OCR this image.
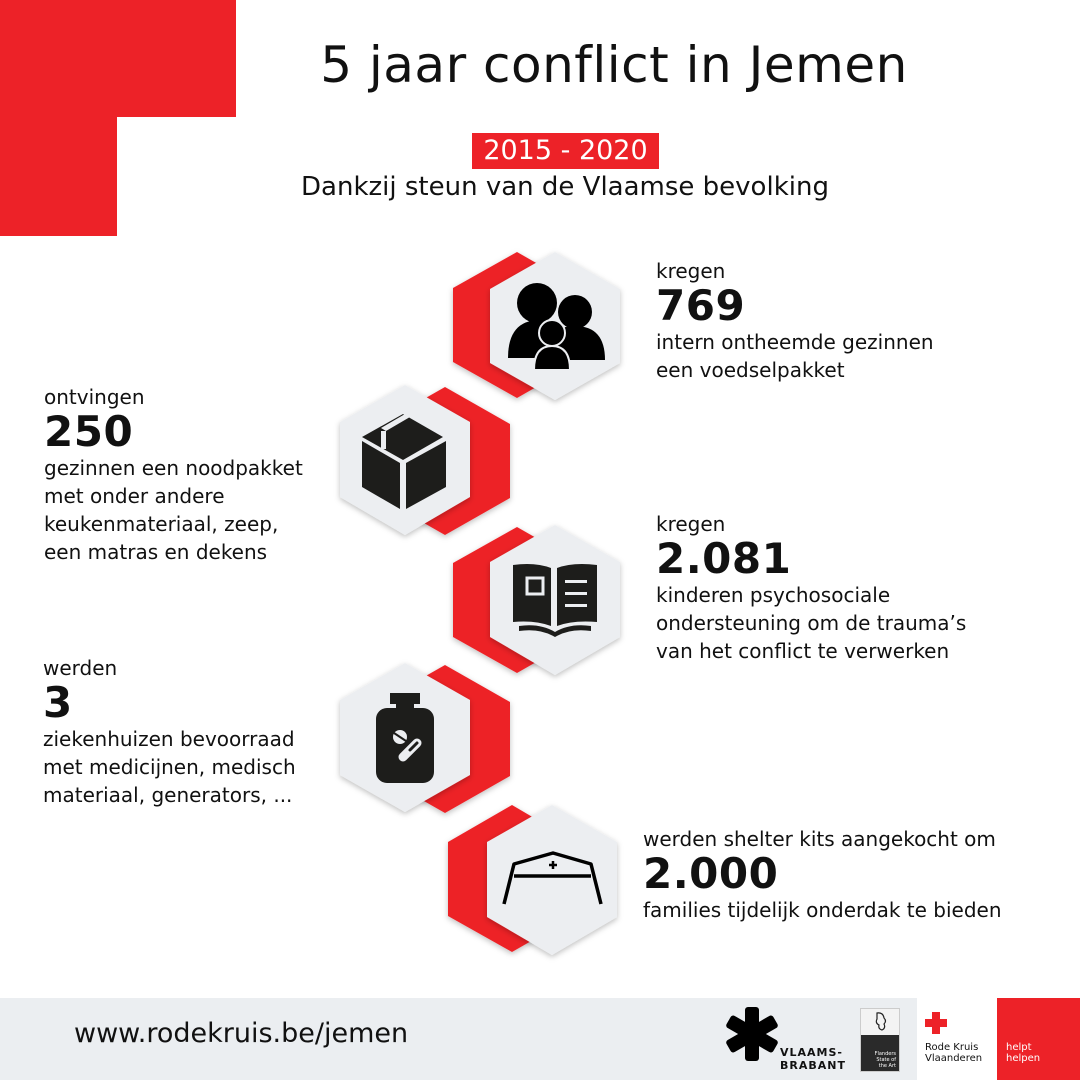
5 jaar conflict in Jemen
2015 - 2020
Dankzij steun van de Vlaamse bevolking
kregen
769
intern ontheemde gezinnen
een voedselpakket
ontvingen
250
gezinnen een noodpakket
met onder andere
keukenmateriaal, zeep,
een matras en dekens
kregen
2.081
kinderen psychosociale
ondersteuning om de trauma’s
van het conflict te verwerken
werden
3
ziekenhuizen bevoorraad
met medicijnen, medisch
materiaal, generators, ...
werden shelter kits aangekocht om
2.000
families tijdelijk onderdak te bieden
www.rodekruis.be/jemen
VLAAMS-
BRABANT
Flanders
State of
the Art
Rode Kruis
Vlaanderen
helpt
helpen
